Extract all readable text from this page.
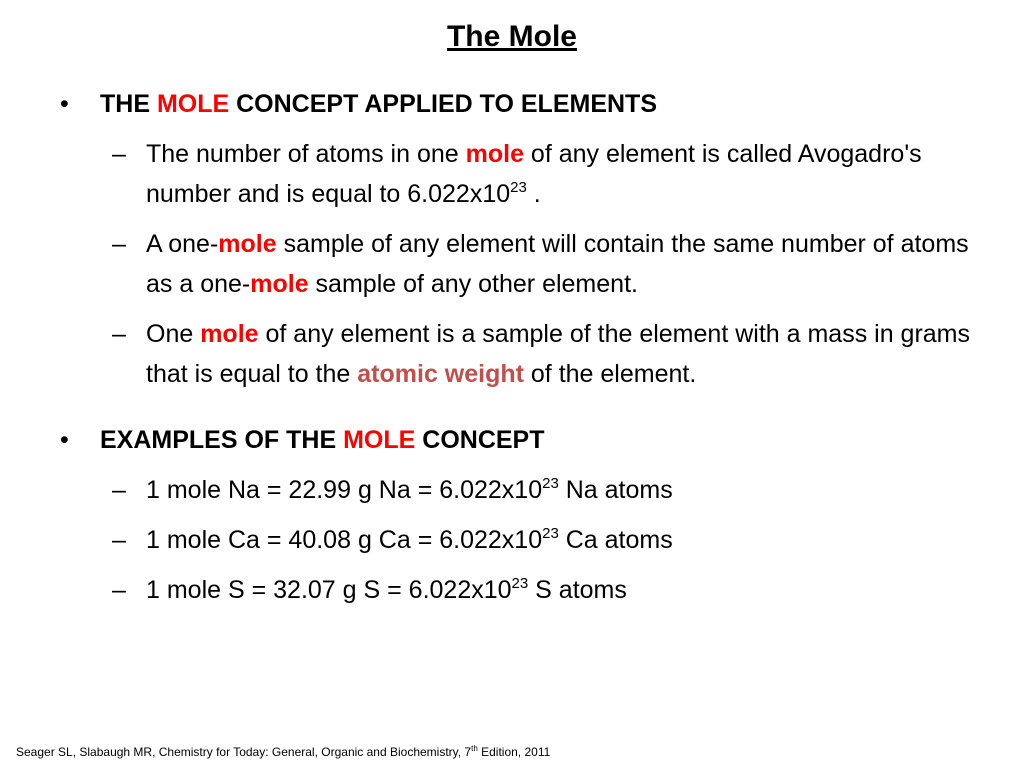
The Mole
• THE MOLE CONCEPT APPLIED TO ELEMENTS
– The number of atoms in one mole of any element is called Avogadro's number and is equal to $6.022x10^{23}$ .
– A one-mole sample of any element will contain the same number of atoms as a one-mole sample of any other element.
– One mole of any element is a sample of the element with a mass in grams that is equal to the atomic weight of the element.
• EXAMPLES OF THE MOLE CONCEPT
– 1 mole Na = 22.99 g $Na = 6.022x10^{23}$ Na atoms
– 1 mole Ca = 40.08 g $Ca = 6.022x10^{23}$ Ca atoms
– 1 mole S = 32.07 g $S = 6.022x10^{23}$ S atoms
Seager SL, Slabaugh MR, Chemistry for Today: General, Organic and Biochemistry, 7th Edition, 2011
